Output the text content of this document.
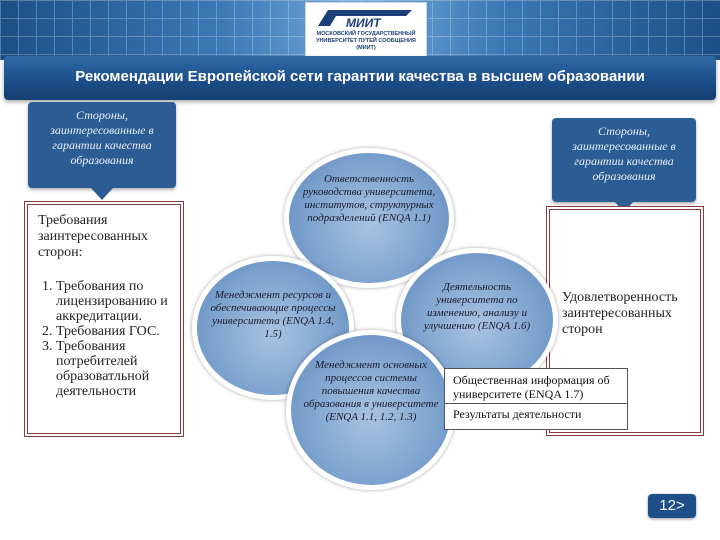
МИИТ
МОСКОВСКИЙ ГОСУДАРСТВЕННЫЙ
УНИВЕРСИТЕТ ПУТЕЙ СООБЩЕНИЯ
(МИИТ)
Рекомендации Европейской сети гарантии качества в высшем образовании
Стороны, заинтересованные в гарантии качества образования
Стороны, заинтересованные в гарантии качества образования
Требования заинтересованных сторон:
1. Требования по лицензированию и аккредитации.
2. Требования ГОС.
3. Требования потребителей образоватльной деятельности
Удовлетворенность заинтересованных сторон
Ответственность руководства университета, институтов, структурных подразделений (ENQA 1.1)
Менеджмент ресурсов и обеспечивающие процессы университета (ENQA 1.4, 1.5)
Деятельность университета по изменению, анализу и улучшению (ENQA 1.6)
Менеджмент основных процессов системы повышения качества образования в университете (ENQA 1.1, 1.2, 1.3)
Общественная информация об университете (ENQA 1.7)
Результаты деятельности
12>
